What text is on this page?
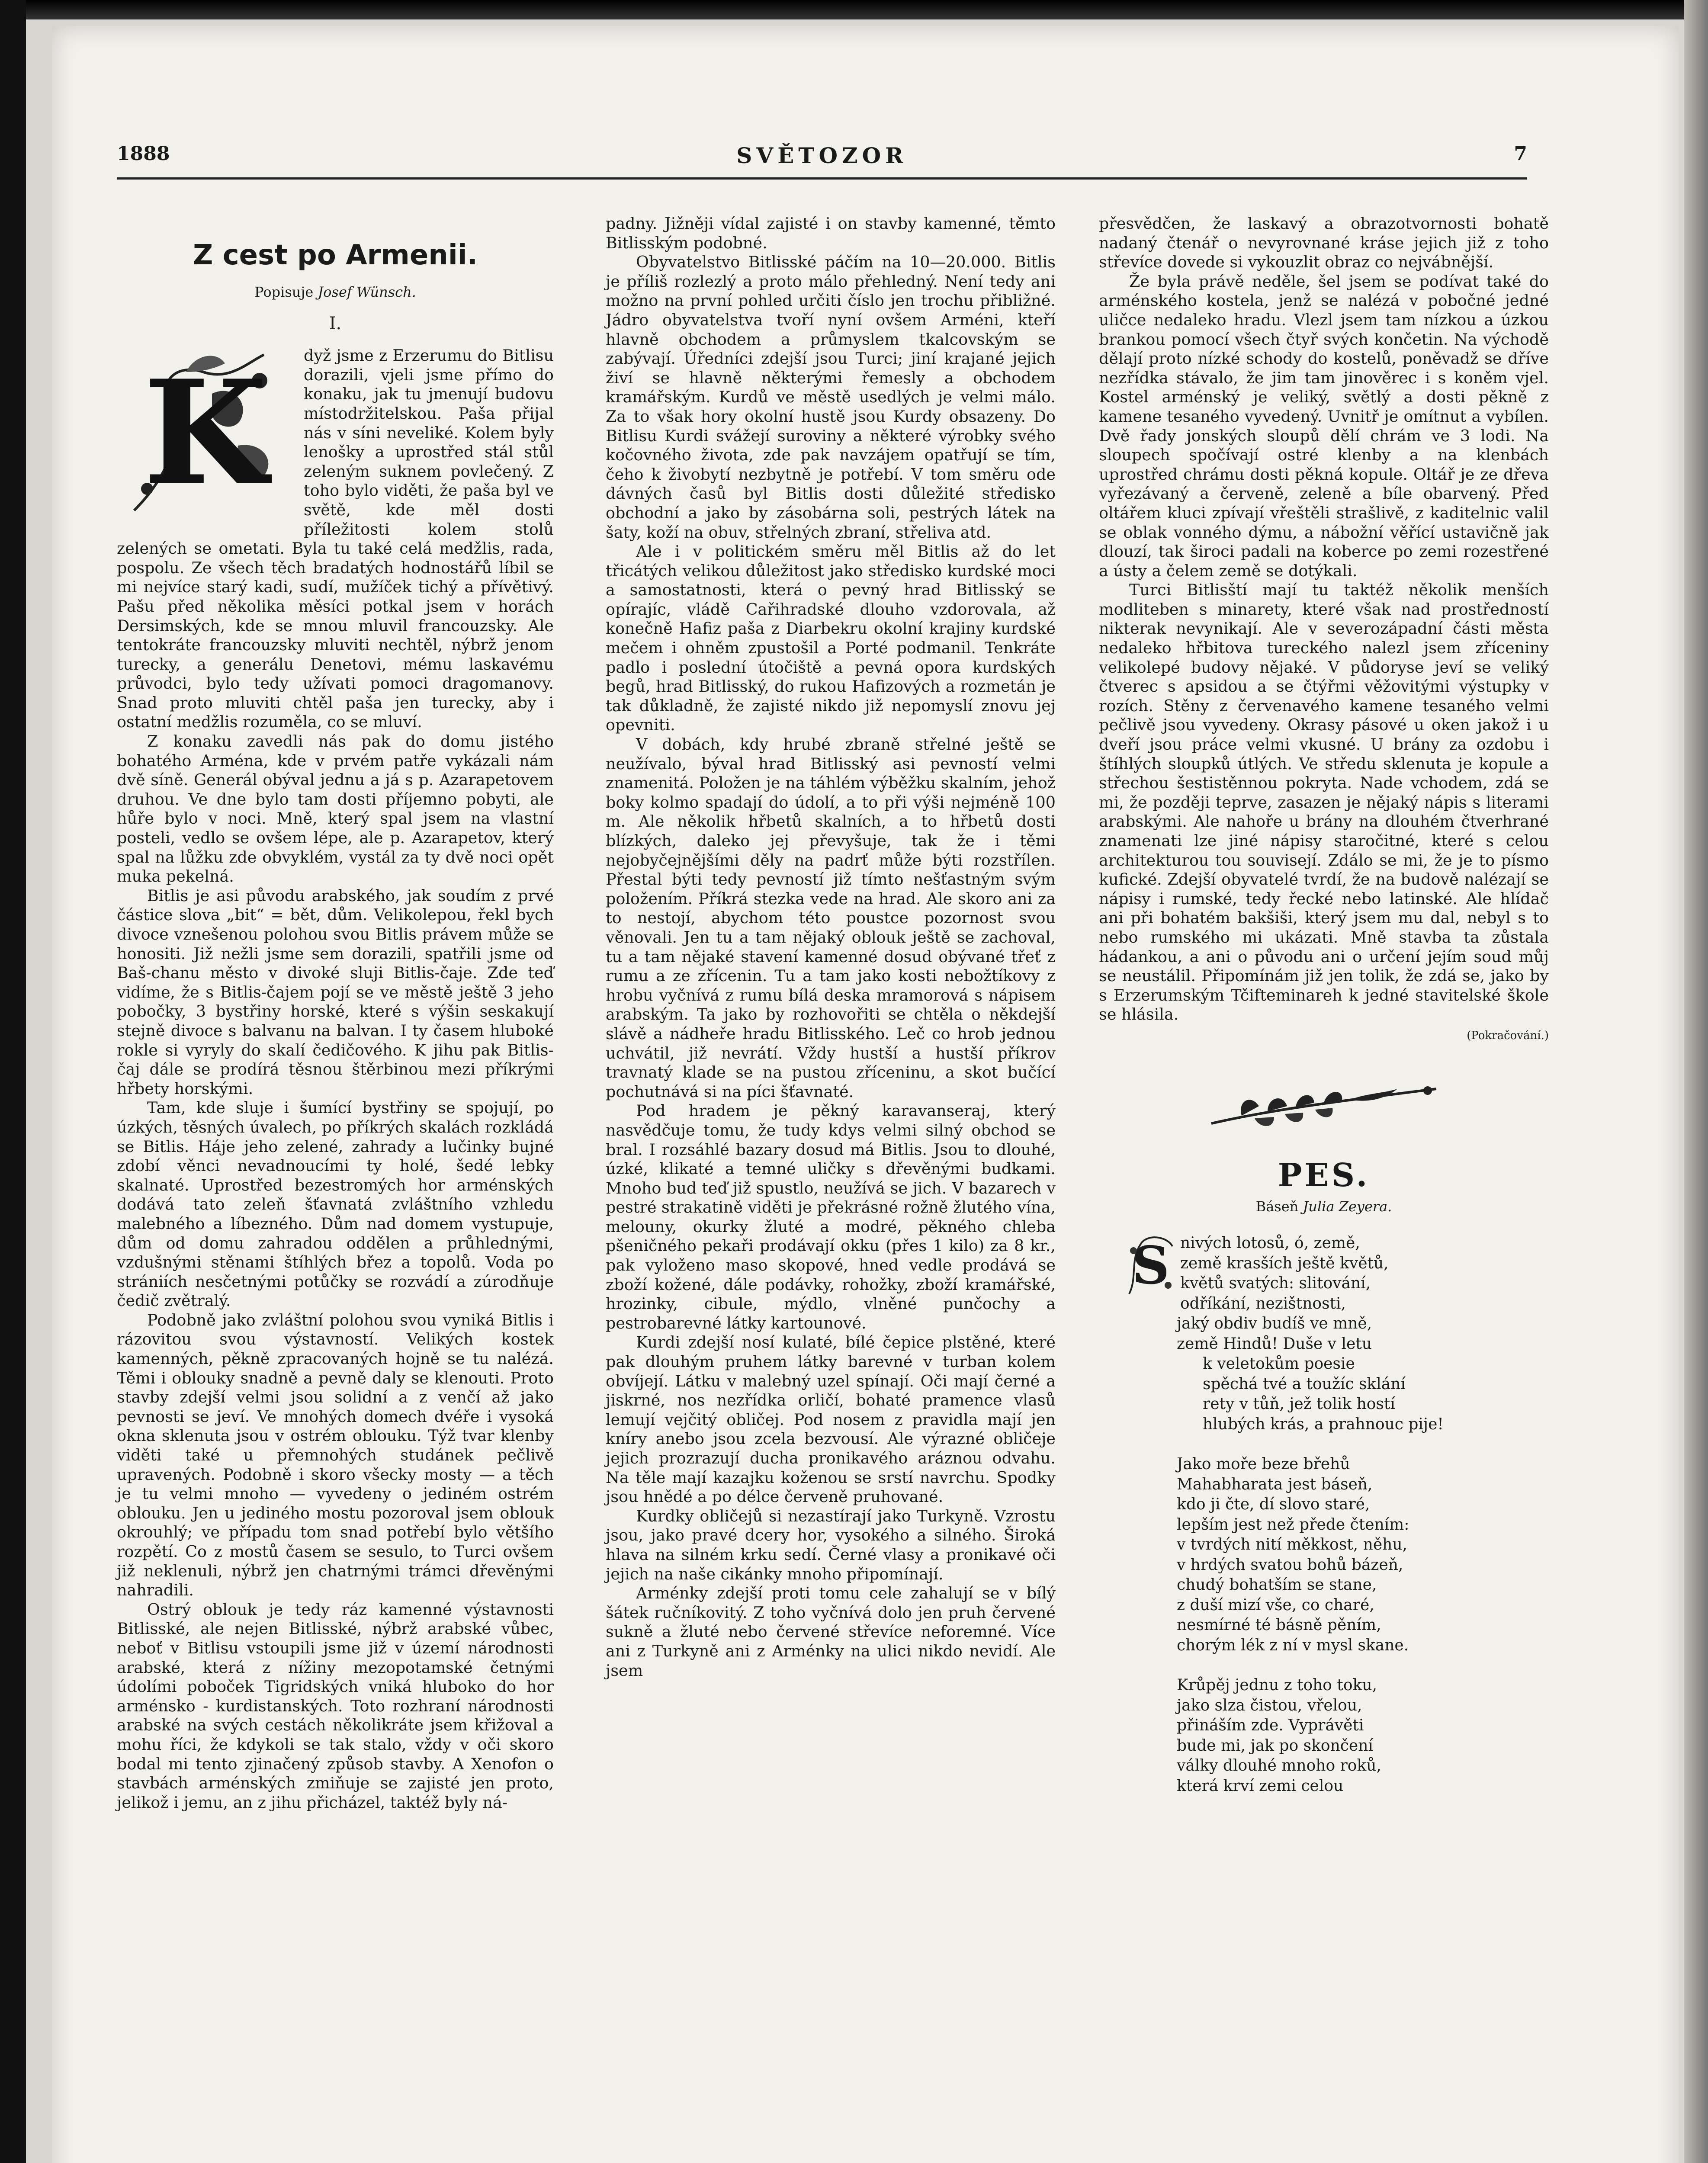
1888	SVĚTOZOR	7
Z cest po Armenii.
Popisuje Josef Wünsch.
I.
K	dyž jsme z Erzerumu do Bitlisu dorazili, vjeli jsme přímo do konaku, jak tu jmenují budovu místodržitelskou. Paša přijal nás v síni neveliké. Kolem byly lenošky a uprostřed stál stůl zeleným suknem povlečený. Z toho bylo viděti, že paša byl ve světě, kde měl dosti příležitosti kolem stolů zelených se ometati. Byla tu také celá medžlis, rada, pospolu. Ze všech těch bradatých hodnostářů líbil se mi nejvíce starý kadi, sudí, mužíček tichý a přívětivý. Pašu před několika měsíci potkal jsem v horách Dersimských, kde se mnou mluvil francouzsky. Ale tentokráte francouzsky mluviti nechtěl, nýbrž jenom turecky, a generálu Denetovi, mému laskavému průvodci, bylo tedy užívati pomoci dragomanovy. Snad proto mluviti chtěl paša jen turecky, aby i ostatní medžlis rozuměla, co se mluví.

Z konaku zavedli nás pak do domu jistého bohatého Arména, kde v prvém patře vykázali nám dvě síně. Generál obýval jednu a já s p. Azarapetovem druhou. Ve dne bylo tam dosti příjemno pobyti, ale hůře bylo v noci. Mně, který spal jsem na vlastní posteli, vedlo se ovšem lépe, ale p. Azarapetov, který spal na lůžku zde obvyklém, vystál za ty dvě noci opět muka pekelná.

Bitlis je asi původu arabského, jak soudím z prvé částice slova „bit“ = bět, dům. Velikolepou, řekl bych divoce vznešenou polohou svou Bitlis právem může se honositi. Již nežli jsme sem dorazili, spatřili jsme od Baš-chanu město v divoké sluji Bitlis-čaje. Zde teď vidíme, že s Bitlis-čajem pojí se ve městě ještě 3 jeho pobočky, 3 bystřiny horské, které s výšin seskakují stejně divoce s balvanu na balvan. I ty časem hluboké rokle si vyryly do skalí čedičového. K jihu pak Bitlis-čaj dále se prodírá těsnou štěrbinou mezi příkrými hřbety horskými.

Tam, kde sluje i šumící bystřiny se spojují, po úzkých, těsných úvalech, po příkrých skalách rozkládá se Bitlis. Háje jeho zelené, zahrady a lučinky bujné zdobí věnci nevadnoucími ty holé, šedé lebky skalnaté. Uprostřed bezestromých hor arménských dodává tato zeleň šťavnatá zvláštního vzhledu malebného a líbezného. Dům nad domem vystupuje, dům od domu zahradou oddělen a průhlednými, vzdušnými stěnami štíhlých břez a topolů. Voda po strániích nesčetnými potůčky se rozvádí a zúrodňuje čedič zvětralý.

Podobně jako zvláštní polohou svou vyniká Bitlis i rázovitou svou výstavností. Velikých kostek kamenných, pěkně zpracovaných hojně se tu nalézá. Těmi i oblouky snadně a pevně daly se klenouti. Proto stavby zdejší velmi jsou solidní a z venčí až jako pevnosti se jeví. Ve mnohých domech dvéře i vysoká okna sklenuta jsou v ostrém oblouku. Týž tvar klenby viděti také u přemnohých studánek pečlivě upravených. Podobně i skoro všecky mosty — a těch je tu velmi mnoho — vyvedeny o jediném ostrém oblouku. Jen u jediného mostu pozoroval jsem oblouk okrouhlý; ve případu tom snad potřebí bylo většího rozpětí. Co z mostů časem se sesulo, to Turci ovšem již neklenuli, nýbrž jen chatrnými trámci dřevěnými nahradili.

Ostrý oblouk je tedy ráz kamenné výstavnosti Bitlisské, ale nejen Bitlisské, nýbrž arabské vůbec, neboť v Bitlisu vstoupili jsme již v území národnosti arabské, která z nížiny mezopotamské četnými údolími poboček Tigridských vniká hluboko do hor arménsko - kurdistanských. Toto rozhraní národnosti arabské na svých cestách několikráte jsem křižoval a mohu říci, že kdykoli se tak stalo, vždy v oči skoro bodal mi tento zjinačený způsob stavby. A Xenofon o stavbách arménských zmiňuje se zajisté jen proto, jelikož i jemu, an z jihu přicházel, taktéž byly ná-

padny. Jižněji vídal zajisté i on stavby kamenné, těmto Bitlisským podobné.

Obyvatelstvo Bitlisské páčím na 10—20.000. Bitlis je příliš rozlezlý a proto málo přehledný. Není tedy ani možno na první pohled určiti číslo jen trochu přibližné. Jádro obyvatelstva tvoří nyní ovšem Arméni, kteří hlavně obchodem a průmyslem tkalcovským se zabývají. Úředníci zdejší jsou Turci; jiní krajané jejich živí se hlavně některými řemesly a obchodem kramářským. Kurdů ve městě usedlých je velmi málo. Za to však hory okolní hustě jsou Kurdy obsazeny. Do Bitlisu Kurdi svážejí suroviny a některé výrobky svého kočovného života, zde pak navzájem opatřují se tím, čeho k živobytí nezbytně je potřebí. V tom směru ode dávných časů byl Bitlis dosti důležité středisko obchodní a jako by zásobárna soli, pestrých látek na šaty, koží na obuv, střelných zbraní, střeliva atd.

Ale i v politickém směru měl Bitlis až do let třicátých velikou důležitost jako středisko kurdské moci a samostatnosti, která o pevný hrad Bitlisský se opírajíc, vládě Cařihradské dlouho vzdorovala, až konečně Hafiz paša z Diarbekru okolní krajiny kurdské mečem i ohněm zpustošil a Porté podmanil. Tenkráte padlo i poslední útočiště a pevná opora kurdských begů, hrad Bitlisský, do rukou Hafizových a rozmetán je tak důkladně, že zajisté nikdo již nepomyslí znovu jej opevniti.

V dobách, kdy hrubé zbraně střelné ještě se neužívalo, býval hrad Bitlisský asi pevností velmi znamenitá. Položen je na táhlém výběžku skalním, jehož boky kolmo spadají do údolí, a to při výši nejméně 100 m. Ale několik hřbetů skalních, a to hřbetů dosti blízkých, daleko jej převyšuje, tak že i těmi nejobyčejnějšími děly na padrť může býti rozstřílen. Přestal býti tedy pevností již tímto nešťastným svým položením. Příkrá stezka vede na hrad. Ale skoro ani za to nestojí, abychom této poustce pozornost svou věnovali. Jen tu a tam nějaký oblouk ještě se zachoval, tu a tam nějaké stavení kamenné dosud obývané třeť z rumu a ze zřícenin. Tu a tam jako kosti nebožtíkovy z hrobu vyčnívá z rumu bílá deska mramorová s nápisem arabským. Ta jako by rozhovořiti se chtěla o někdejší slávě a nádheře hradu Bitlisského. Leč co hrob jednou uchvátil, již nevrátí. Vždy hustší a hustší příkrov travnatý klade se na pustou zříceninu, a skot bučící pochutnává si na píci šťavnaté.

Pod hradem je pěkný karavanseraj, který nasvědčuje tomu, že tudy kdys velmi silný obchod se bral. I rozsáhlé bazary dosud má Bitlis. Jsou to dlouhé, úzké, klikaté a temné uličky s dřevěnými budkami. Mnoho bud teď již spustlo, neužívá se jich. V bazarech v pestré strakatině viděti je překrásné rožně žlutého vína, melouny, okurky žluté a modré, pěkného chleba pšeničného pekaři prodávají okku (přes 1 kilo) za 8 kr., pak vyloženo maso skopové, hned vedle prodává se zboží kožené, dále podávky, rohožky, zboží kramářské, hrozinky, cibule, mýdlo, vlněné punčochy a pestrobarevné látky kartounové.

Kurdi zdejší nosí kulaté, bílé čepice plstěné, které pak dlouhým pruhem látky barevné v turban kolem obvíjejí. Látku v malebný uzel spínají. Oči mají černé a jiskrné, nos nezřídka orličí, bohaté pramence vlasů lemují vejčitý obličej. Pod nosem z pravidla mají jen kníry anebo jsou zcela bezvousí. Ale výrazné obličeje jejich prozrazují ducha pronikavého aráznou odvahu. Na těle mají kazajku koženou se srstí navrchu. Spodky jsou hnědé a po délce červeně pruhované.

Kurdky obličejů si nezastírají jako Turkyně. Vzrostu jsou, jako pravé dcery hor, vysokého a silného. Široká hlava na silném krku sedí. Černé vlasy a pronikavé oči jejich na naše cikánky mnoho připomínají.

Arménky zdejší proti tomu cele zahalují se v bílý šátek ručníkovitý. Z toho vyčnívá dolo jen pruh červené sukně a žluté nebo červené střevíce neforemné. Více ani z Turkyně ani z Arménky na ulici nikdo nevidí. Ale jsem

přesvědčen, že laskavý a obrazotvornosti bohatě nadaný čtenář o nevyrovnané krásе jejich již z toho střevíce dovede si vykouzlit obraz co nejvábnější.

Že byla právě neděle, šel jsem se podívat také do arménského kostela, jenž se nalézá v pobočné jedné uličce nedaleko hradu. Vlezl jsem tam nízkou a úzkou brankou pomocí všech čtyř svých končetin. Na východě dělají proto nízké schody do kostelů, poněvadž se dříve nezřídka stávalo, že jim tam jinověrec i s koněm vjel. Kostel arménský je veliký, světlý a dosti pěkně z kamene tesaného vyvedený. Uvnitř je omítnut a vybílen. Dvě řady jonských sloupů dělí chrám ve 3 lodi. Na sloupech spočívají ostré klenby a na klenbách uprostřed chrámu dosti pěkná kopule. Oltář je ze dřeva vyřezávaný a červeně, zeleně a bíle obarvený. Před oltářem kluci zpívají vřeštěli strašlivě, z kaditelnic valil se oblak vonného dýmu, a nábožní věřící ustavičně jak dlouzí, tak široci padali na koberce po zemi rozestřené a ústy a čelem země se dotýkali.

Turci Bitlisští mají tu taktéž několik menších modliteben s minarety, které však nad prostředností nikterak nevynikají. Ale v severozápadní části města nedaleko hřbitova tureckého nalezl jsem zříceniny velikolepé budovy nějaké. V půdoryse jeví se veliký čtverec s apsidou a se čtýřmi věžovitými výstupky v rozích. Stěny z červenavého kamene tesaného velmi pečlivě jsou vyvedeny. Okrasy pásové u oken jakož i u dveří jsou práce velmi vkusné. U brány za ozdobu i štíhlých sloupků útlých. Ve středu sklenuta je kopule a střechou šestistěnnou pokryta. Nade vchodem, zdá se mi, že později teprve, zasazen je nějaký nápis s literami arabskými. Ale nahoře u brány na dlouhém čtverhrané znamenati lze jiné nápisy staročitné, které s celou architekturou tou souvisejí. Zdálo se mi, že je to písmo kufické. Zdejší obyvatelé tvrdí, že na budově nalézají se nápisy i rumské, tedy řecké nebo latinské. Ale hlídač ani při bohatém bakšiši, který jsem mu dal, nebyl s to nebo rumského mi ukázati. Mně stavba ta zůstala hádankou, a ani o původu ani o určení jejím soud můj se neustálil. Připomínám již jen tolik, že zdá se, jako by s Erzerumským Tčifteminareh k jedné stavitelské škole se hlásila.

(Pokračování.)
PES.
Báseň Julia Zeyera.
S nivých lotosů, ó, země,
země krasších ještě květů,
květů svatých: slitování,
odříkání, nezištnosti,
jaký obdiv budíš ve mně,
země Hindů! Duše v letu
k veletokům poesie
spěchá tvé a toužíc sklání
rety v tůň, jež tolik hostí
hlubých krás, a prahnouc pije!
Jako moře beze břehů
Mahabharata jest báseň,
kdo ji čte, dí slovo staré,
lepším jest než přede čtením:
v tvrdých nití měkkost, něhu,
v hrdých svatou bohů bázeň,
chudý bohatším se stane,
z duší mizí vše, co charé,
nesmírné té básně pěním,
chorým lék z ní v mysl skane.
Krůpěj jednu z toho toku,
jako slza čistou, vřelou,
přináším zde. Vyprávěti
bude mi, jak po skončení
války dlouhé mnoho roků,
která krví zemi celou
